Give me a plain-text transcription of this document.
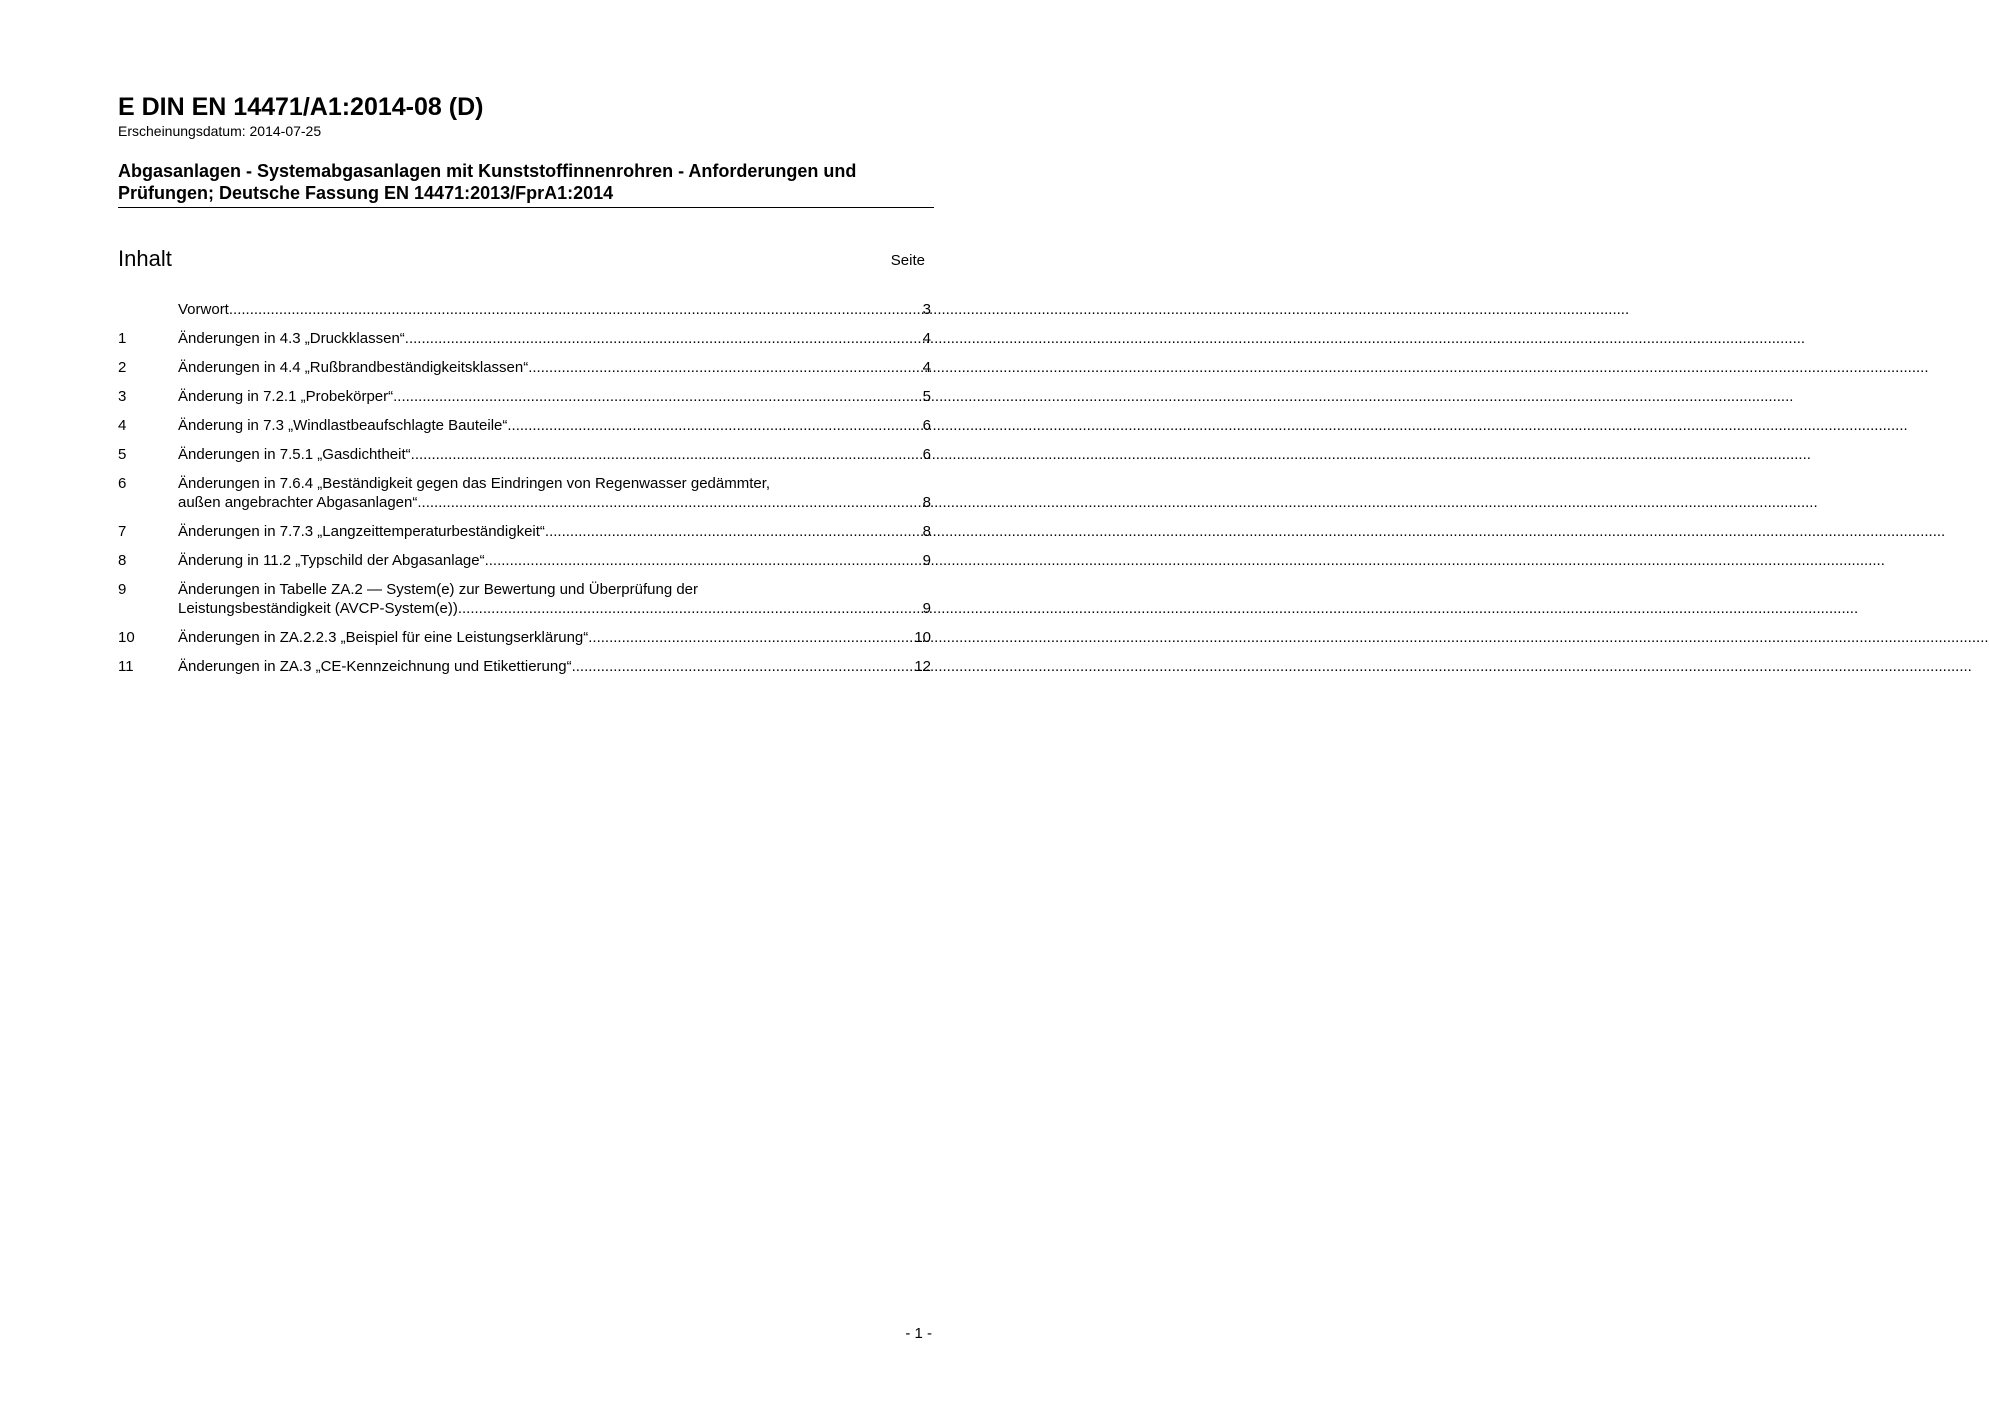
E DIN EN 14471/A1:2014-08 (D)
Erscheinungsdatum: 2014-07-25
Abgasanlagen - Systemabgasanlagen mit Kunststoffinnenrohren - Anforderungen und Prüfungen; Deutsche Fassung EN 14471:2013/FprA1:2014
Inhalt	Seite
Vorwort .....	3
1	Änderungen in 4.3 „Druckklassen“ .....	4
2	Änderungen in 4.4 „Rußbrandbeständigkeitsklassen“ .....	4
3	Änderung in 7.2.1 „Probekörper“ .....	5
4	Änderung in 7.3 „Windlastbeaufschlagte Bauteile“ .....	6
5	Änderungen in 7.5.1 „Gasdichtheit“ .....	6
6	Änderungen in 7.6.4 „Beständigkeit gegen das Eindringen von Regenwasser gedämmter,
außen angebrachter Abgasanlagen“ .....	8
7	Änderungen in 7.7.3 „Langzeittemperaturbeständigkeit“ .....	8
8	Änderung in 11.2 „Typschild der Abgasanlage“ .....	9
9	Änderungen in Tabelle ZA.2 — System(e) zur Bewertung und Überprüfung der
Leistungsbeständigkeit (AVCP-System(e)) .....	9
10	Änderungen in ZA.2.2.3 „Beispiel für eine Leistungserklärung“ .....	10
11	Änderungen in ZA.3 „CE-Kennzeichnung und Etikettierung“ .....	12
- 1 -
